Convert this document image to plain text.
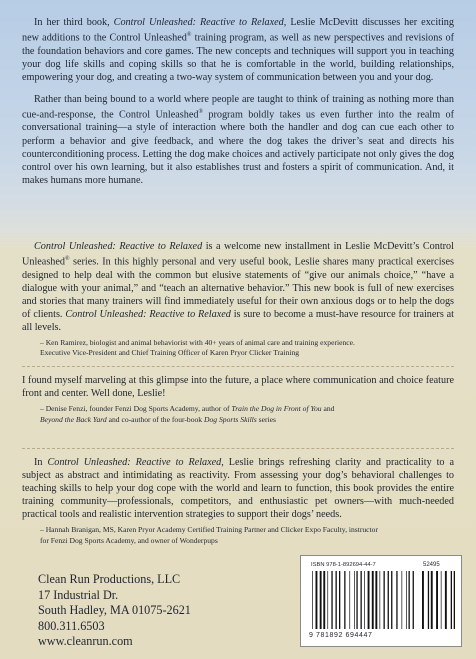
In her third book, Control Unleashed: Reactive to Relaxed, Leslie McDevitt discusses her exciting new additions to the Control Unleashed® training program, as well as new perspectives and revisions of the foundation behaviors and core games. The new concepts and techniques will support you in teaching your dog life skills and coping skills so that he is comfortable in the world, building relationships, empowering your dog, and creating a two-way system of communication between you and your dog.

Rather than being bound to a world where people are taught to think of training as nothing more than cue-and-response, the Control Unleashed® program boldly takes us even further into the realm of conversational training—a style of interaction where both the handler and dog can cue each other to perform a behavior and give feedback, and where the dog takes the driver’s seat and directs his counterconditioning process. Letting the dog make choices and actively participate not only gives the dog control over his own learning, but it also establishes trust and fosters a spirit of communication. And, it makes humans more humane.

Control Unleashed: Reactive to Relaxed is a welcome new installment in Leslie McDevitt’s Control Unleashed® series. In this highly personal and very useful book, Leslie shares many practical exercises designed to help deal with the common but elusive statements of “give our animals choice,” “have a dialogue with your animal,” and “teach an alternative behavior.” This new book is full of new exercises and stories that many trainers will find immediately useful for their own anxious dogs or to help the dogs of clients. Control Unleashed: Reactive to Relaxed is sure to become a must-have resource for trainers at all levels.

– Ken Ramirez, biologist and animal behaviorist with 40+ years of animal care and training experience.
Executive Vice-President and Chief Training Officer of Karen Pryor Clicker Training

I found myself marveling at this glimpse into the future, a place where communication and choice feature front and center. Well done, Leslie!

– Denise Fenzi, founder Fenzi Dog Sports Academy, author of Train the Dog in Front of You and
Beyond the Back Yard and co-author of the four-book Dog Sports Skills series

In Control Unleashed: Reactive to Relaxed, Leslie brings refreshing clarity and practicality to a subject as abstract and intimidating as reactivity. From assessing your dog’s behavioral challenges to teaching skills to help your dog cope with the world and learn to function, this book provides the entire training community—professionals, competitors, and enthusiastic pet owners—with much-needed practical tools and realistic intervention strategies to support their dogs’ needs.

– Hannah Branigan, MS, Karen Pryor Academy Certified Training Partner and Clicker Expo Faculty, instructor
for Fenzi Dog Sports Academy, and owner of Wonderpups

Clean Run Productions, LLC
17 Industrial Dr.
South Hadley, MA 01075-2621
800.311.6503
www.cleanrun.com
ISBN 978-1-892694-44-7	52495
9 781892 694447
